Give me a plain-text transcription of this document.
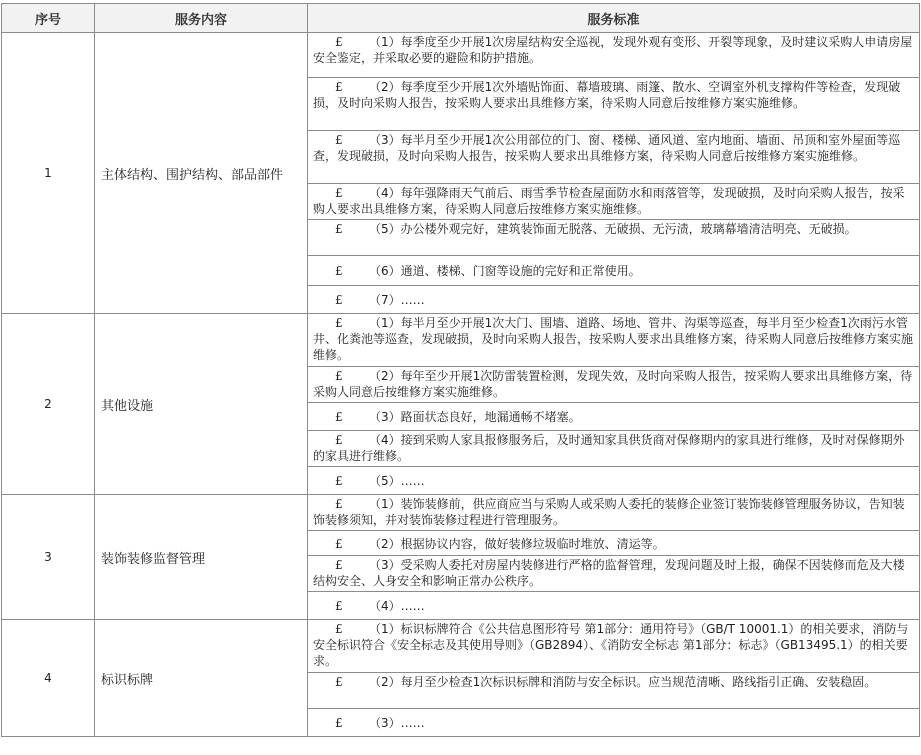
序号	服务内容	服务标准
1	主体结构、围护结构、部品部件	£ （1）每季度至少开展1次房屋结构安全巡视，发现外观有变形、开裂等现象，及时建议采购人申请房屋安全鉴定，并采取必要的避险和防护措施。
		£ （2）每季度至少开展1次外墙贴饰面、幕墙玻璃、雨篷、散水、空调室外机支撑构件等检查，发现破损，及时向采购人报告，按采购人要求出具维修方案，待采购人同意后按维修方案实施维修。
		£ （3）每半月至少开展1次公用部位的门、窗、楼梯、通风道、室内地面、墙面、吊顶和室外屋面等巡查，发现破损，及时向采购人报告，按采购人要求出具维修方案，待采购人同意后按维修方案实施维修。
		£ （4）每年强降雨天气前后、雨雪季节检查屋面防水和雨落管等，发现破损，及时向采购人报告，按采购人要求出具维修方案，待采购人同意后按维修方案实施维修。
		£ （5）办公楼外观完好，建筑装饰面无脱落、无破损、无污渍，玻璃幕墙清洁明亮、无破损。
		£ （6）通道、楼梯、门窗等设施的完好和正常使用。
		£ （7）……
2	其他设施	£ （1）每半月至少开展1次大门、围墙、道路、场地、管井、沟渠等巡查，每半月至少检查1次雨污水管井、化粪池等巡查，发现破损，及时向采购人报告，按采购人要求出具维修方案，待采购人同意后按维修方案实施维修。
		£ （2）每年至少开展1次防雷装置检测，发现失效，及时向采购人报告，按采购人要求出具维修方案，待采购人同意后按维修方案实施维修。
		£ （3）路面状态良好，地漏通畅不堵塞。
		£ （4）接到采购人家具报修服务后，及时通知家具供货商对保修期内的家具进行维修，及时对保修期外的家具进行维修。
		£ （5）……
3	装饰装修监督管理	£ （1）装饰装修前，供应商应当与采购人或采购人委托的装修企业签订装饰装修管理服务协议，告知装饰装修须知，并对装饰装修过程进行管理服务。
		£ （2）根据协议内容，做好装修垃圾临时堆放、清运等。
		£ （3）受采购人委托对房屋内装修进行严格的监督管理，发现问题及时上报，确保不因装修而危及大楼结构安全、人身安全和影响正常办公秩序。
		£ （4）……
4	标识标牌	£ （1）标识标牌符合《公共信息图形符号 第1部分：通用符号》（GB/T 10001.1）的相关要求，消防与安全标识符合《安全标志及其使用导则》（GB2894）、《消防安全标志 第1部分：标志》（GB13495.1）的相关要求。
		£ （2）每月至少检查1次标识标牌和消防与安全标识。应当规范清晰、路线指引正确、安装稳固。
		£ （3）……
